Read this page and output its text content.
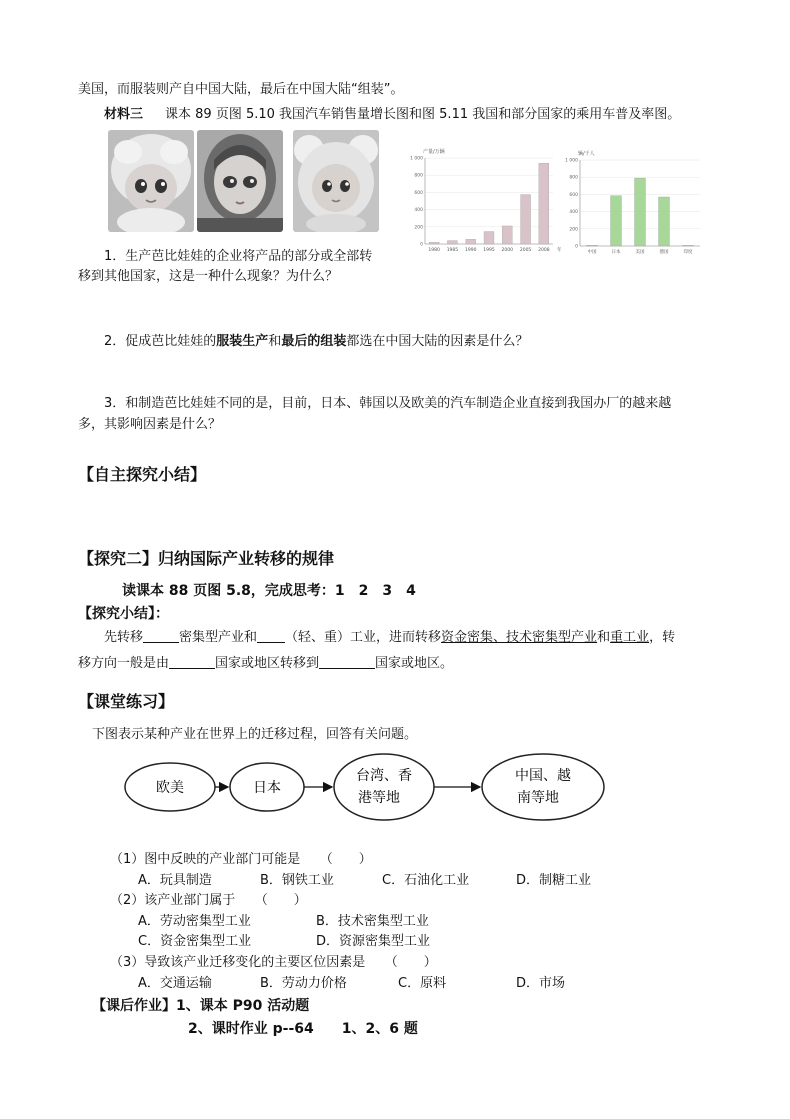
美国，而服装则产自中国大陆，最后在中国大陆“组装”。
材料三 课本 89 页图 5.10 我国汽车销售量增长图和图 5.11 我国和部分国家的乘用车普及率图。
产量/万辆
1 000
800
600
400
200
0
1980 1985 1990 1995 2000 2005 2008 年
辆/千人
1 000
800
600
400
200
0
中国	日本	美国	德国	印度
1．生产芭比娃娃的企业将产品的部分或全部转
移到其他国家，这是一种什么现象？为什么？
2．促成芭比娃娃的服装生产和最后的组装都选在中国大陆的因素是什么？
3．和制造芭比娃娃不同的是，目前，日本、韩国以及欧美的汽车制造企业直接到我国办厂的越来越
多，其影响因素是什么？
【自主探究小结】
【探究二】归纳国际产业转移的规律
读课本 88 页图 5.8，完成思考：1　2　3　4
【探究小结】：
先转移	密集型产业和 （轻、重）工业，进而转移资金密集、技术密集型产业和重工业，转
移方向一般是由	国家或地区转移到	国家或地区。
【课堂练习】
下图表示某种产业在世界上的迁移过程，回答有关问题。
欧美	日本
台湾、香
港等地
中国、越
南等地
（1）图中反映的产业部门可能是　　（　　）
A．玩具制造	B．钢铁工业	C．石油化工业	D．制糖工业
（2）该产业部门属于　　（　　）
A．劳动密集型工业	B．技术密集型工业
C．资金密集型工业	D．资源密集型工业
（3）导致该产业迁移变化的主要区位因素是　　（　　）
A．交通运输	B．劳动力价格	C．原料	D．市场
【课后作业】1、课本 P90 活动题
2、课时作业 p--64　　1、2、6 题
